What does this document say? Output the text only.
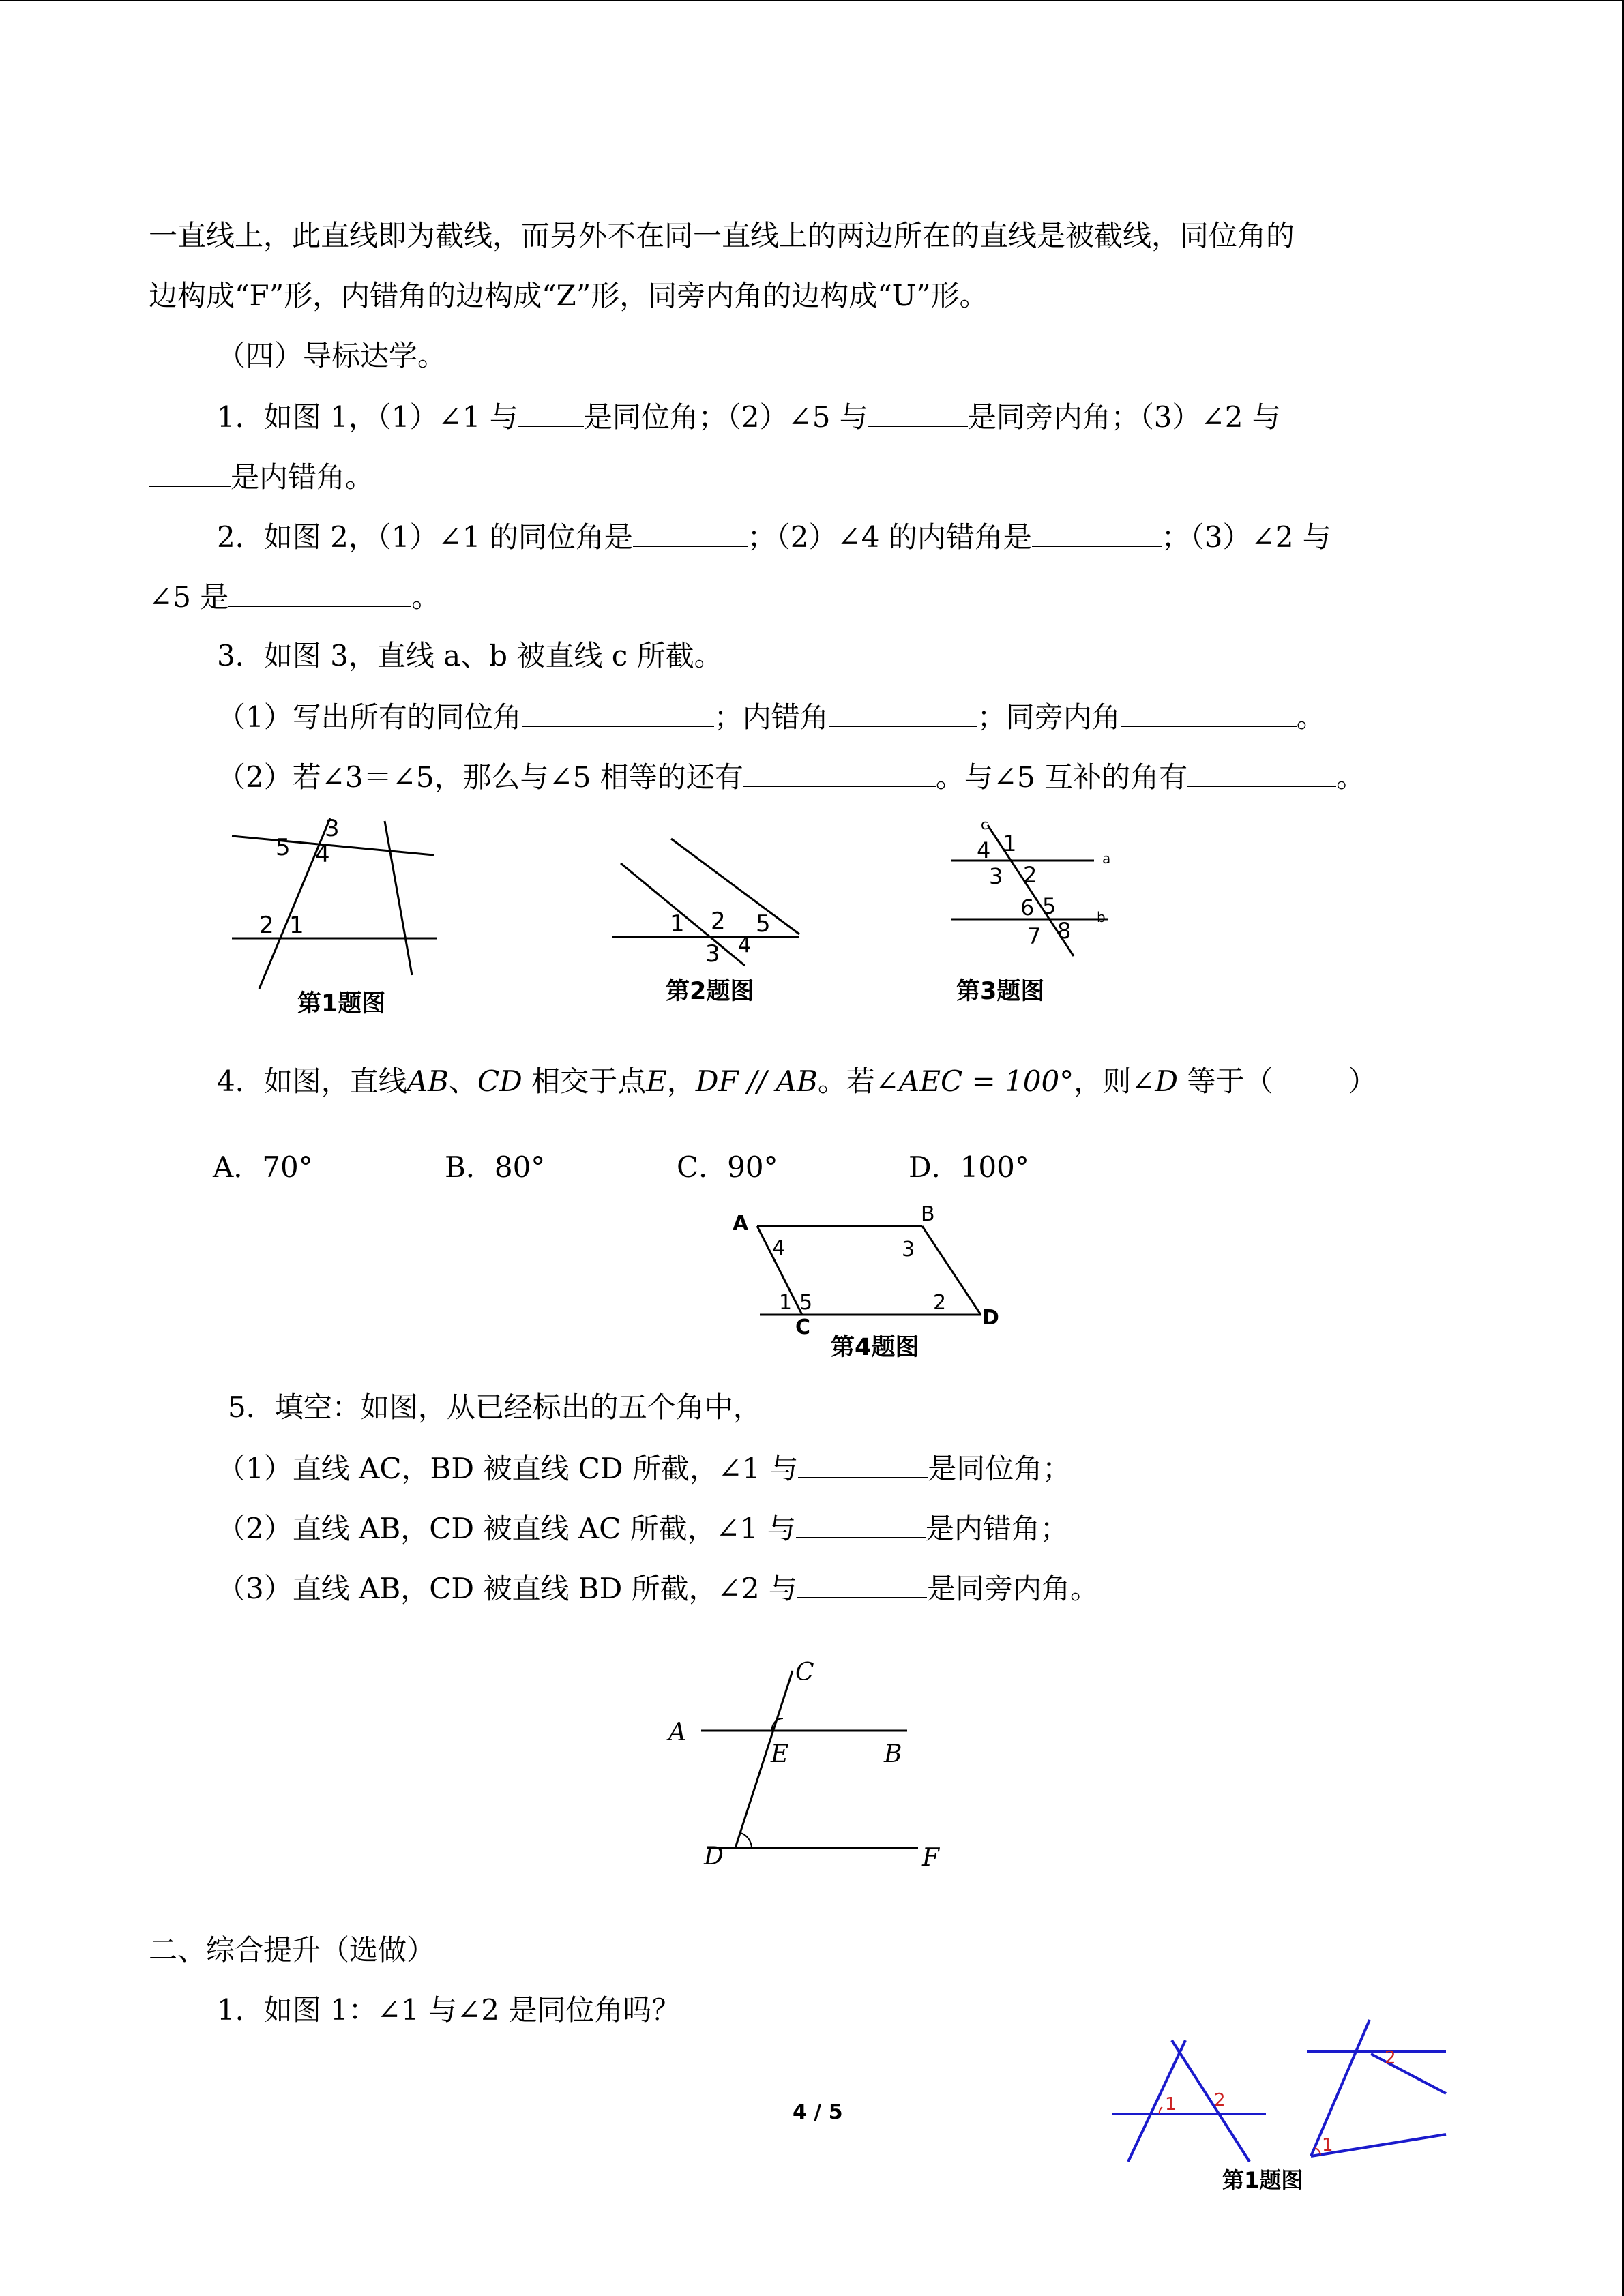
一直线上，此直线即为截线，而另外不在同一直线上的两边所在的直线是被截线，同位角的
边构成“F”形，内错角的边构成“Z”形，同旁内角的边构成“U”形。
（四）导标达学。
1．如图 1，（1）∠1 与 是同位角；（2）∠5 与	是同旁内角；（3）∠2 与
是内错角。
2．如图 2，（1）∠1 的同位角是	；（2）∠4 的内错角是	；（3）∠2 与
∠5 是	。
3．如图 3，直线 a、b 被直线 c 所截。
（1）写出所有的同位角	；内错角	；同旁内角	。
（2）若∠3＝∠5，那么与∠5 相等的还有	。与∠5 互补的角有	。
3
5 4
2 1
第1题图
1 2 5
3 4
第2题图
c
4 1
a
3 2
6 5	b
7 8
第3题图
4．如图，直线AB、CD 相交于点E，DF // AB。若∠AEC = 100°，则∠D 等于（	）
A．70°	B．80°	C．90°	D．100°
A	B
4	3
1 5	2
C	D
第4题图
5．填空：如图，从已经标出的五个角中，
（1）直线 AC，BD 被直线 CD 所截，∠1 与	是同位角；
（2）直线 AB，CD 被直线 AC 所截，∠1 与	是内错角；
（3）直线 AB，CD 被直线 BD 所截，∠2 与	是同旁内角。
C
A
E	B
D	F
二、综合提升（选做）
1．如图 1：∠1 与∠2 是同位角吗？
1 2
2
1
第1题图
4 / 5
